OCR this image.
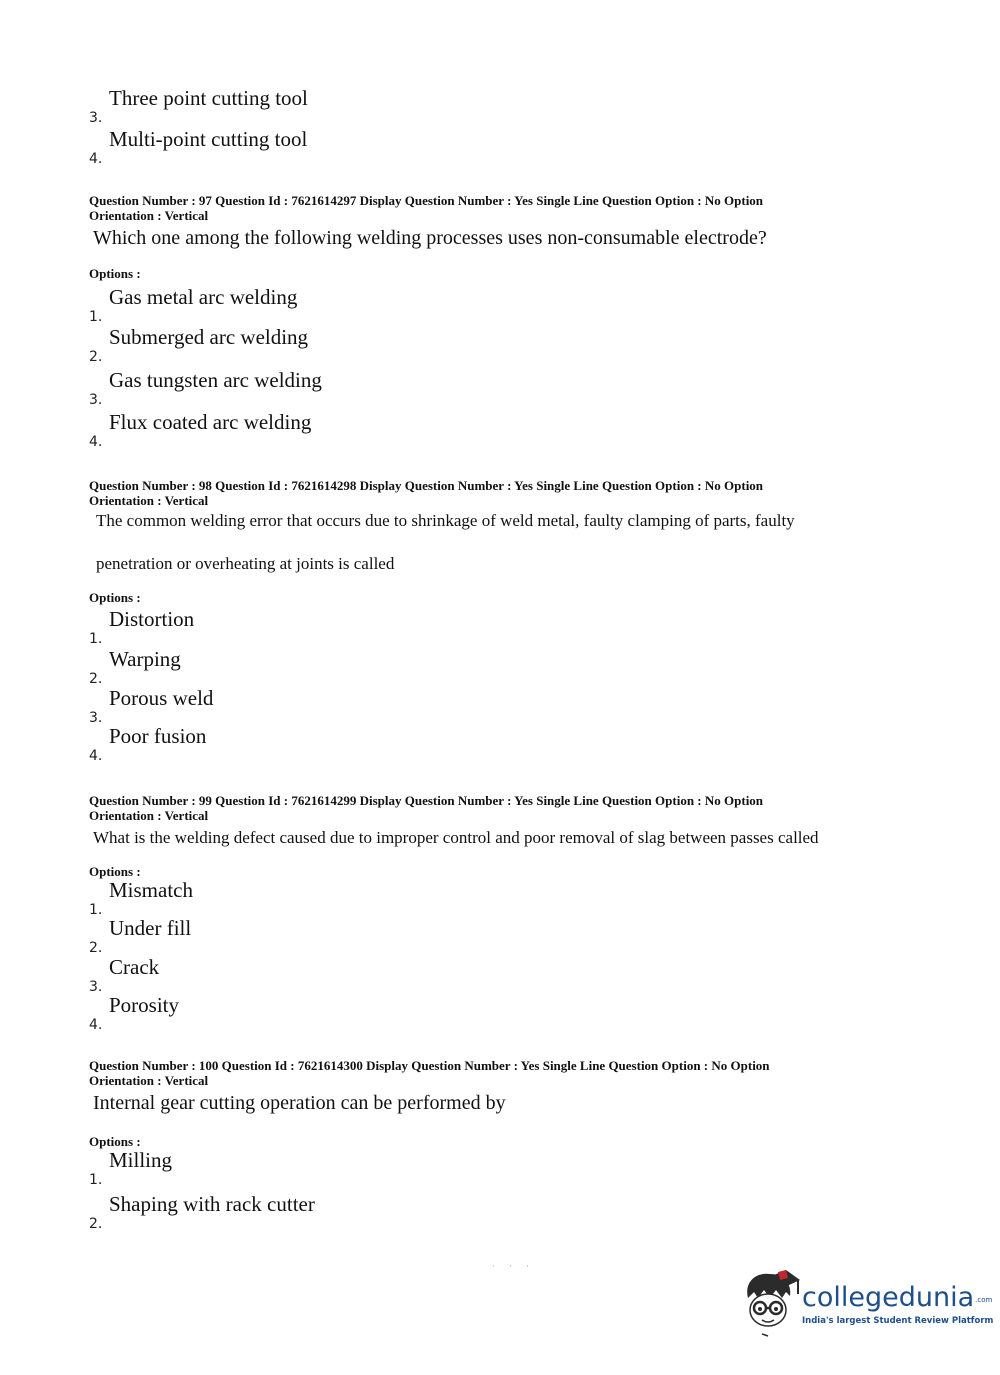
3.
Three point cutting tool
4.
Multi-point cutting tool
Question Number : 97 Question Id : 7621614297 Display Question Number : Yes Single Line Question Option : No Option
Orientation : Vertical
Which one among the following welding processes uses non-consumable electrode?
Options :
1.
Gas metal arc welding
2.
Submerged arc welding
3.
Gas tungsten arc welding
4.
Flux coated arc welding
Question Number : 98 Question Id : 7621614298 Display Question Number : Yes Single Line Question Option : No Option
Orientation : Vertical
The common welding error that occurs due to shrinkage of weld metal, faulty clamping of parts, faulty
penetration or overheating at joints is called
Options :
1.
Distortion
2.
Warping
3.
Porous weld
4.
Poor fusion
Question Number : 99 Question Id : 7621614299 Display Question Number : Yes Single Line Question Option : No Option
Orientation : Vertical
What is the welding defect caused due to improper control and poor removal of slag between passes called
Options :
1.
Mismatch
2.
Under fill
3.
Crack
4.
Porosity
Question Number : 100 Question Id : 7621614300 Display Question Number : Yes Single Line Question Option : No Option
Orientation : Vertical
Internal gear cutting operation can be performed by
Options :
1.
Milling
2.
Shaping with rack cutter
· · ·
collegedunia.com
India's largest Student Review Platform
